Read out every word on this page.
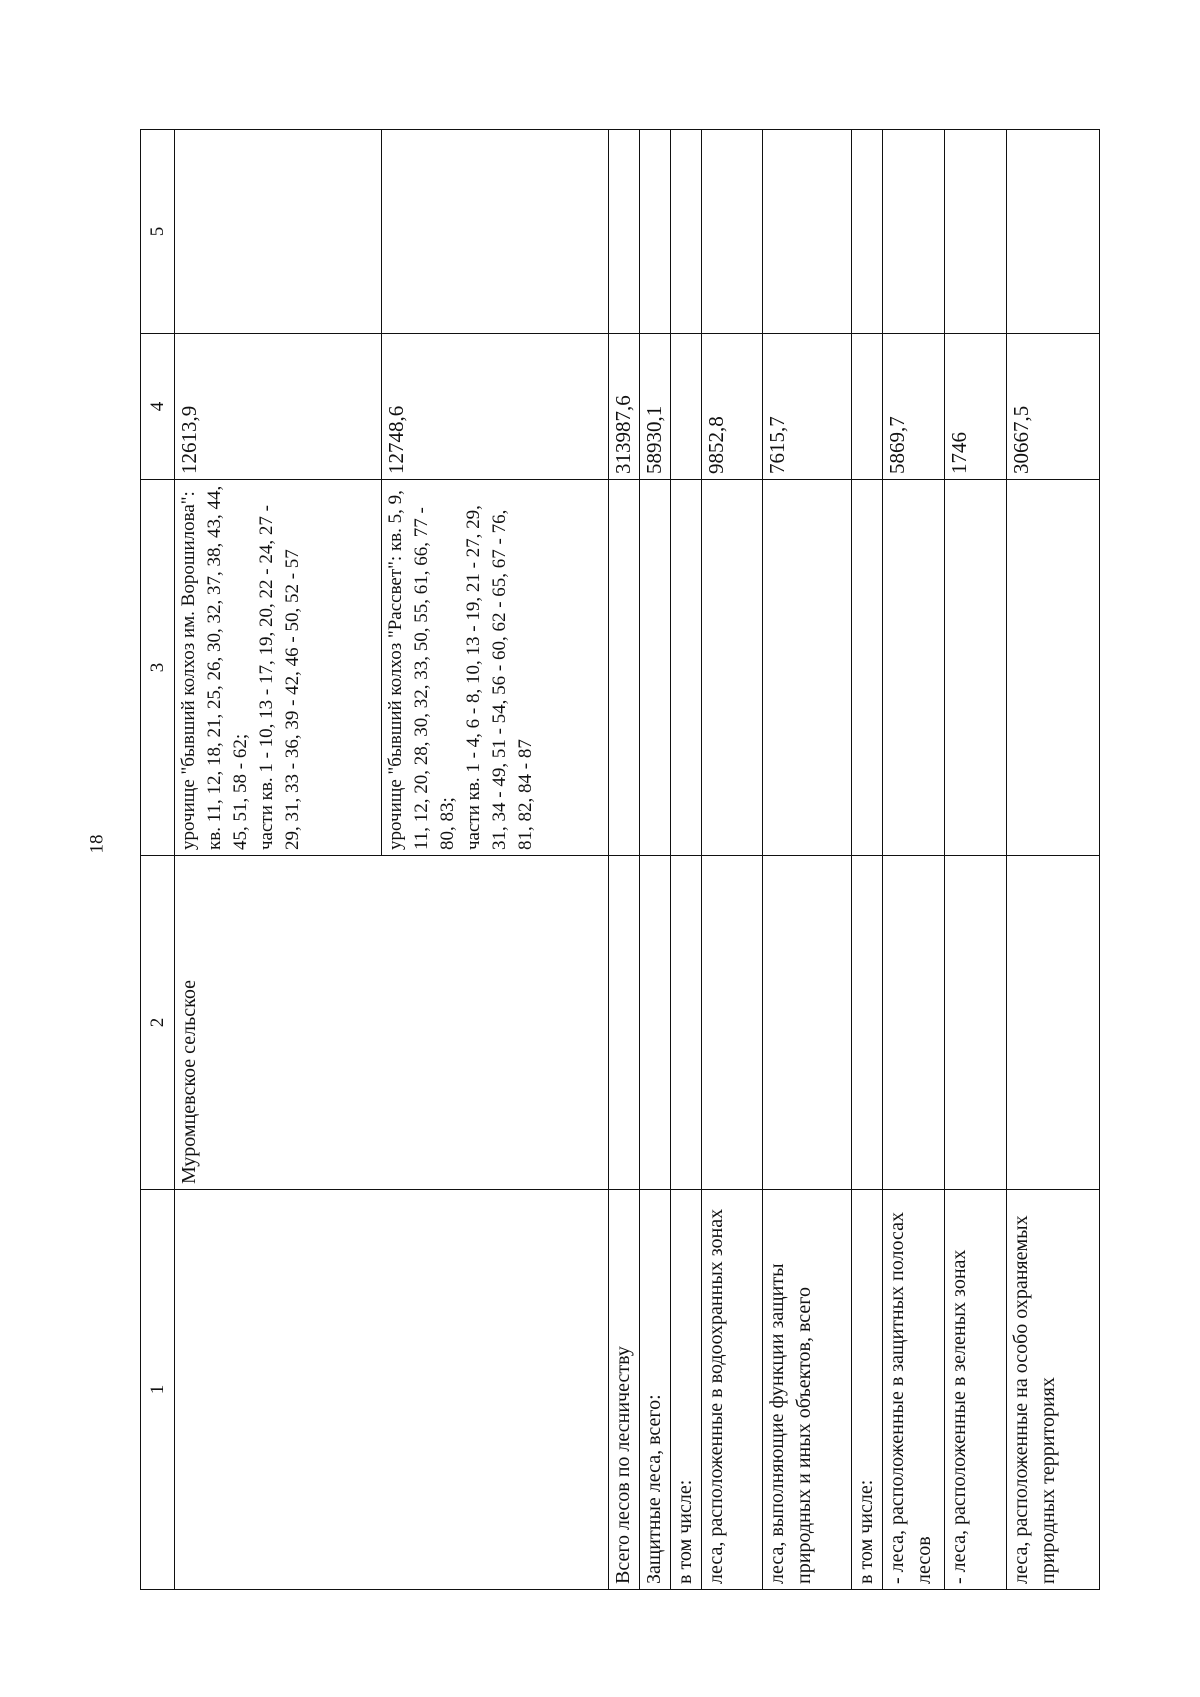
18
1	2	3	4	5
	Муромцевское сельское	урочище "бывший колхоз им. Ворошилова": кв. 11, 12, 18, 21, 25, 26, 30, 32, 37, 38, 43, 44, 45, 51, 58 - 62; части кв. 1 - 10, 13 - 17, 19, 20, 22 - 24, 27 - 29, 31, 33 - 36, 39 - 42, 46 - 50, 52 - 57	12613,9	

		урочище "бывший колхоз "Рассвет": кв. 5, 9, 11, 12, 20, 28, 30, 32, 33, 50, 55, 61, 66, 77 - 80, 83; части кв. 1 - 4, 6 - 8, 10, 13 - 19, 21 - 27, 29, 31, 34 - 49, 51 - 54, 56 - 60, 62 - 65, 67 - 76, 81, 82, 84 - 87	12748,6	
Всего лесов по лесничеству			313987,6	
Защитные леса, всего:			58930,1	
в том числе:				
леса, расположенные в водоохранных зонах			9852,8	
леса, выполняющие функции защиты природных и иных объектов, всего			7615,7	
в том числе:				
- леса, расположенные в защитных полосах лесов			5869,7	
- леса, расположенные в зеленых зонах			1746	
леса, расположенные на особо охраняемых природных территориях			30667,5	
